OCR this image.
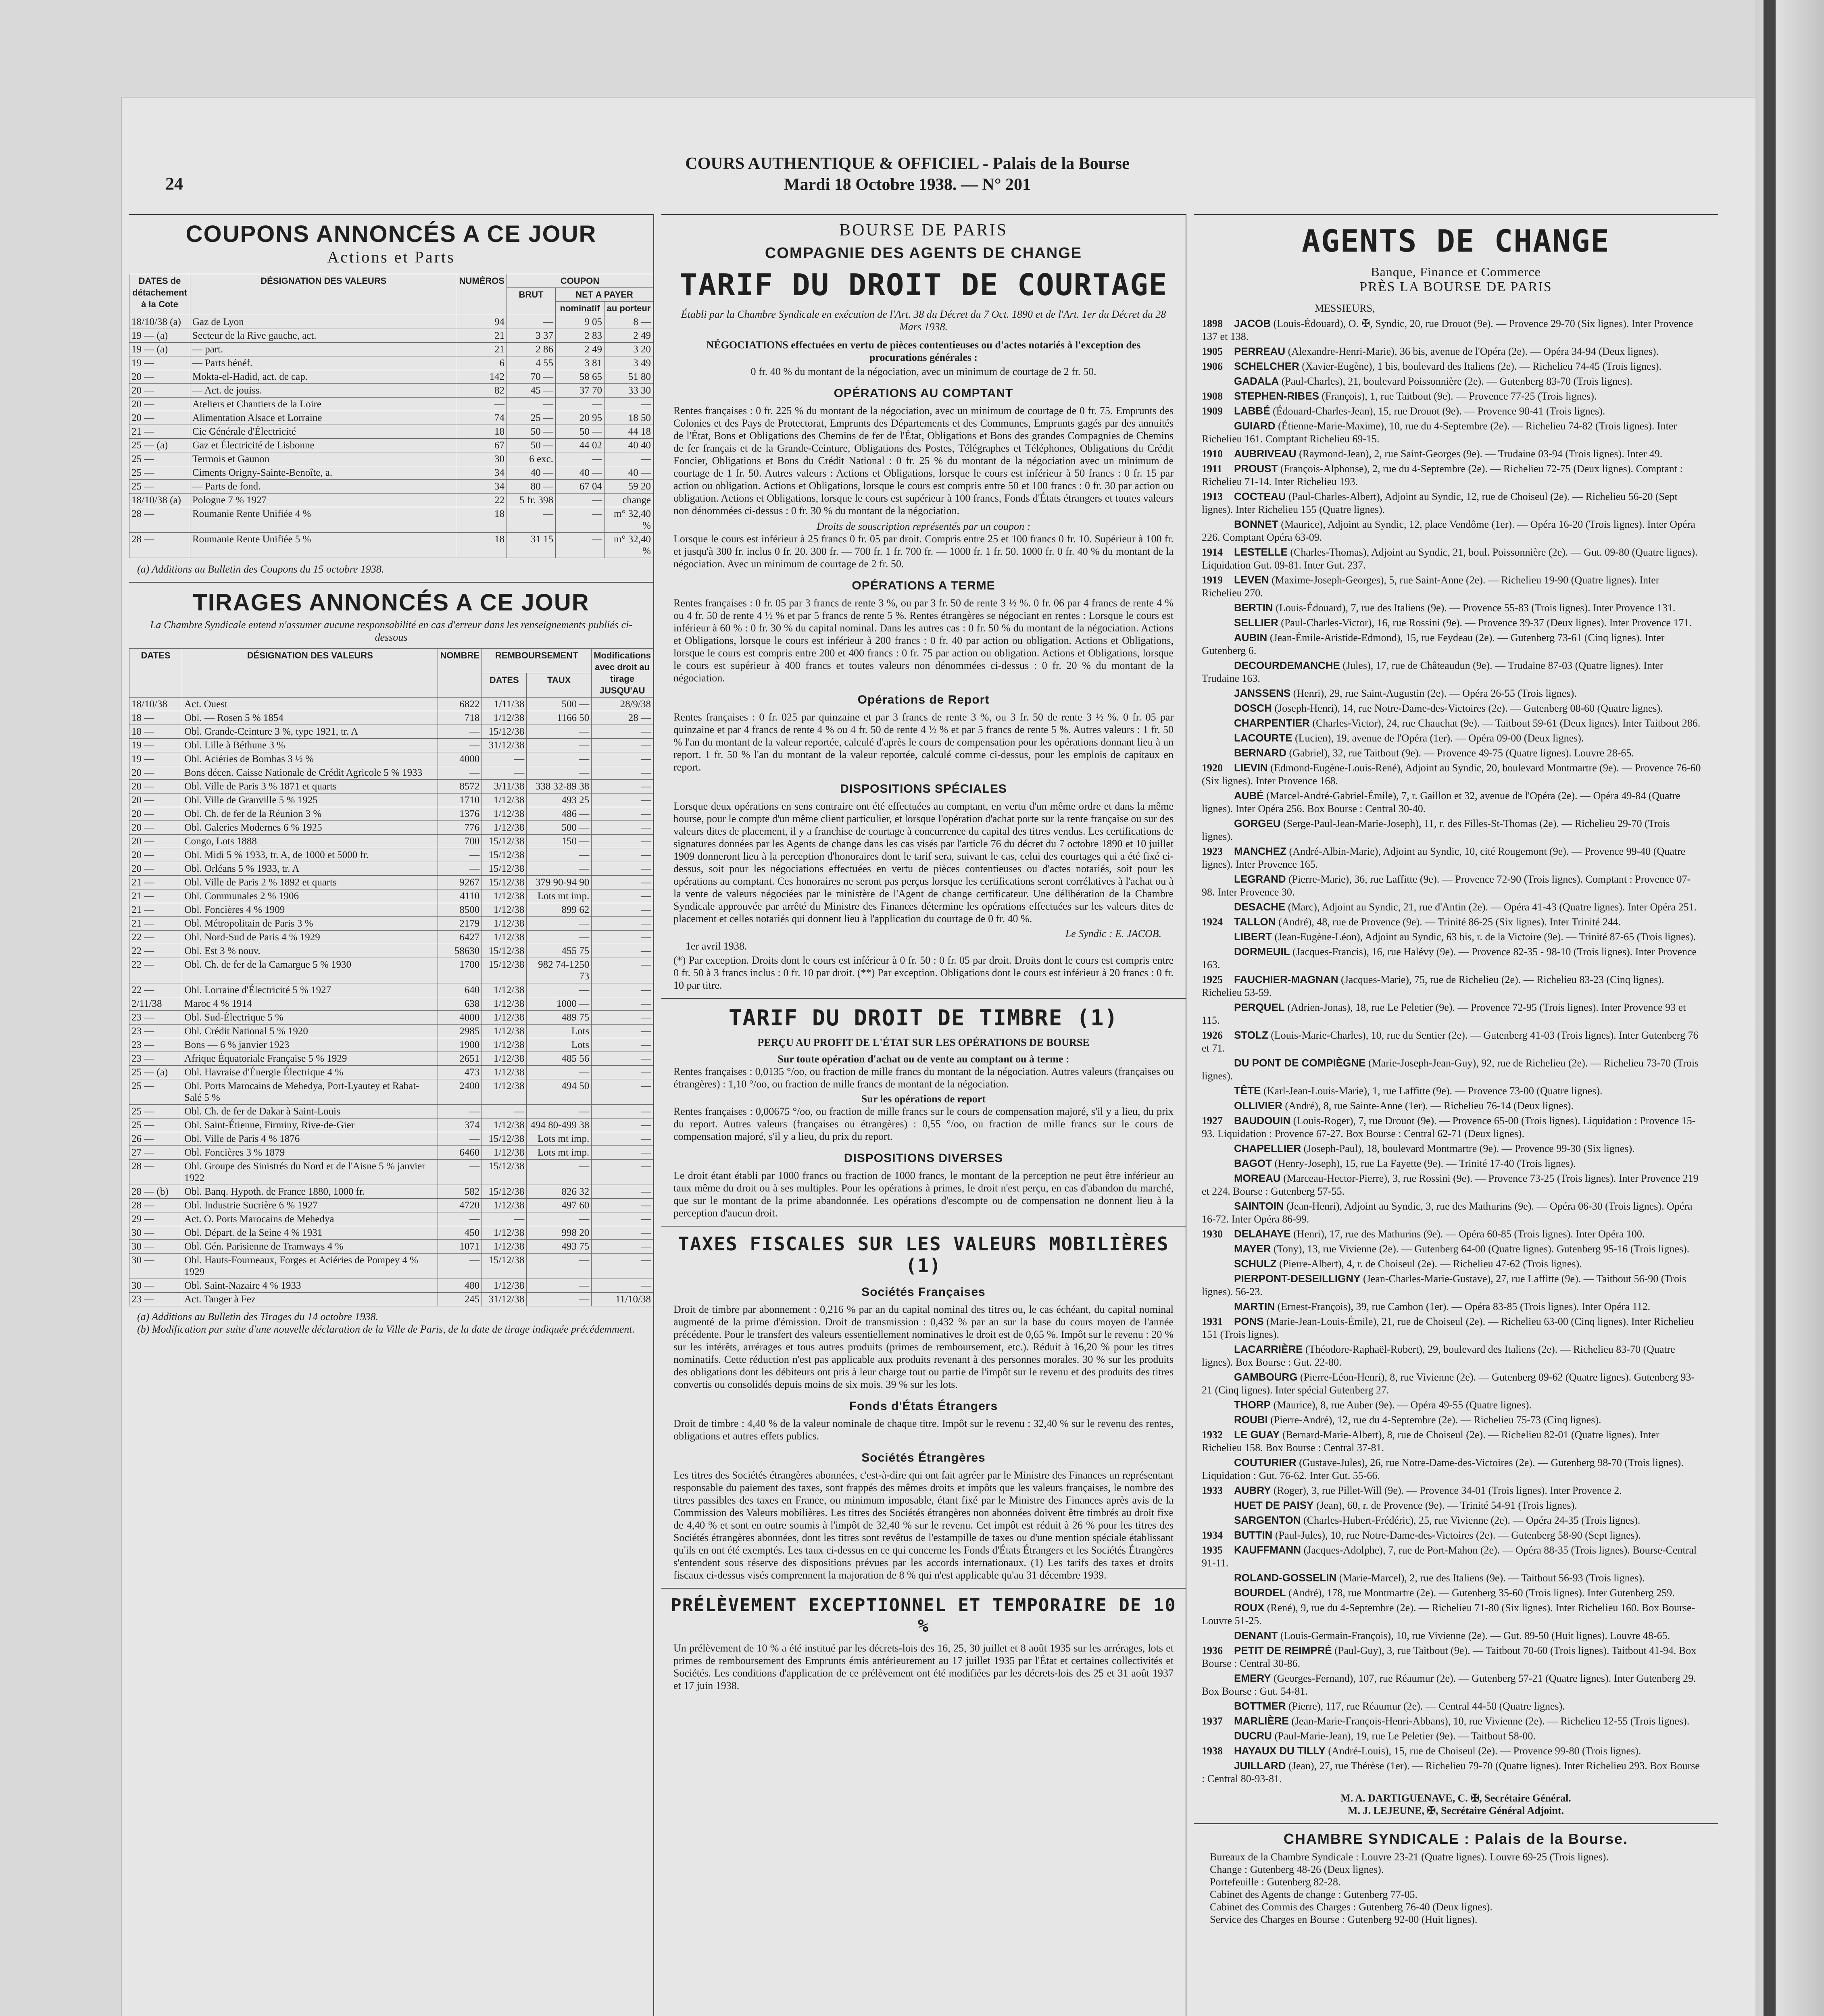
24
COURS AUTHENTIQUE & OFFICIEL - Palais de la Bourse
Mardi 18 Octobre 1938. — N° 201
COUPONS ANNONCÉS A CE JOUR
Actions et Parts
DATES de détachement à la Cote	DÉSIGNATION DES VALEURS	NUMÉROS	COUPON		
			BRUT	NET A PAYER	
				nominatif	au porteur
18/10/38 (a)	Gaz de Lyon	94	—	9 05	8 —
19 — (a)	Secteur de la Rive gauche, act.	21	3 37	2 83	2 49
19 — (a)	— part.	21	2 86	2 49	3 20
19 —	— Parts bénéf.	6	4 55	3 81	3 49
20 —	Mokta-el-Hadid, act. de cap.	142	70 —	58 65	51 80
20 —	— Act. de jouiss.	82	45 —	37 70	33 30
20 —	Ateliers et Chantiers de la Loire	—	—	—	—
20 —	Alimentation Alsace et Lorraine	74	25 —	20 95	18 50
21 —	Cie Générale d'Électricité	18	50 —	50 —	44 18
25 — (a)	Gaz et Électricité de Lisbonne	67	50 —	44 02	40 40
25 —	Termois et Gaunon	30	6 exc.	—	—
25 —	Ciments Origny-Sainte-Benoîte, a.	34	40 —	40 —	40 —
25 —	— Parts de fond.	34	80 —	67 04	59 20
18/10/38 (a)	Pologne 7 % 1927	22	5 fr. 398	—	change
28 —	Roumanie Rente Unifiée 4 %	18	—	—	m° 32,40 %
28 —	Roumanie Rente Unifiée 5 %	18	31 15	—	m° 32,40 %
(a) Additions au Bulletin des Coupons du 15 octobre 1938.
TIRAGES ANNONCÉS A CE JOUR
La Chambre Syndicale entend n'assumer aucune responsabilité en cas d'erreur dans les renseignements publiés ci-dessous
DATES	DÉSIGNATION DES VALEURS	NOMBRE	REMBOURSEMENT		Modifications avec droit au tirage JUSQU'AU
			DATES	TAUX	
18/10/38	Act. Ouest	6822	1/11/38	500 —	28/9/38
18 —	Obl. — Rosen 5 % 1854	718	1/12/38	1166 50	28 —
18 —	Obl. Grande-Ceinture 3 %, type 1921, tr. A	—	15/12/38	—	—
19 —	Obl. Lille à Béthune 3 %	—	31/12/38	—	—
19 —	Obl. Aciéries de Bombas 3 ½ %	4000	—	—	—
20 —	Bons décen. Caisse Nationale de Crédit Agricole 5 % 1933	—	—	—	—
20 —	Obl. Ville de Paris 3 % 1871 et quarts	8572	3/11/38	338 32-89 38	—
20 —	Obl. Ville de Granville 5 % 1925	1710	1/12/38	493 25	—
20 —	Obl. Ch. de fer de la Réunion 3 %	1376	1/12/38	486 —	—
20 —	Obl. Galeries Modernes 6 % 1925	776	1/12/38	500 —	—
20 —	Congo, Lots 1888	700	15/12/38	150 —	—
20 —	Obl. Midi 5 % 1933, tr. A, de 1000 et 5000 fr.	—	15/12/38	—	—
20 —	Obl. Orléans 5 % 1933, tr. A	—	15/12/38	—	—
21 —	Obl. Ville de Paris 2 % 1892 et quarts	9267	15/12/38	379 90-94 90	—
21 —	Obl. Communales 2 % 1906	4110	1/12/38	Lots mt imp.	—
21 —	Obl. Foncières 4 % 1909	8500	1/12/38	899 62	—
21 —	Obl. Métropolitain de Paris 3 %	2179	1/12/38	—	—
22 —	Obl. Nord-Sud de Paris 4 % 1929	6427	1/12/38	—	—
22 —	Obl. Est 3 % nouv.	58630	15/12/38	455 75	—
22 —	Obl. Ch. de fer de la Camargue 5 % 1930	1700	15/12/38	982 74-1250 73	—
22 —	Obl. Lorraine d'Électricité 5 % 1927	640	1/12/38	—	—
2/11/38	Maroc 4 % 1914	638	1/12/38	1000 —	—
23 —	Obl. Sud-Électrique 5 %	4000	1/12/38	489 75	—
23 —	Obl. Crédit National 5 % 1920	2985	1/12/38	Lots	—
23 —	Bons — 6 % janvier 1923	1900	1/12/38	Lots	—
23 —	Afrique Équatoriale Française 5 % 1929	2651	1/12/38	485 56	—
25 — (a)	Obl. Havraise d'Énergie Électrique 4 %	473	1/12/38	—	—
25 —	Obl. Ports Marocains de Mehedya, Port-Lyautey et Rabat-Salé 5 %	2400	1/12/38	494 50	—
25 —	Obl. Ch. de fer de Dakar à Saint-Louis	—	—	—	—
25 —	Obl. Saint-Étienne, Firminy, Rive-de-Gier	374	1/12/38	494 80-499 38	—
26 —	Obl. Ville de Paris 4 % 1876	—	15/12/38	Lots mt imp.	—
27 —	Obl. Foncières 3 % 1879	6460	1/12/38	Lots mt imp.	—
28 —	Obl. Groupe des Sinistrés du Nord et de l'Aisne 5 % janvier 1922	—	15/12/38	—	—
28 — (b)	Obl. Banq. Hypoth. de France 1880, 1000 fr.	582	15/12/38	826 32	—
28 —	Obl. Industrie Sucrière 6 % 1927	4720	1/12/38	497 60	—
29 —	Act. O. Ports Marocains de Mehedya	—	—	—	—
30 —	Obl. Départ. de la Seine 4 % 1931	450	1/12/38	998 20	—
30 —	Obl. Gén. Parisienne de Tramways 4 %	1071	1/12/38	493 75	—
30 —	Obl. Hauts-Fourneaux, Forges et Aciéries de Pompey 4 % 1929	—	15/12/38	—	—
30 —	Obl. Saint-Nazaire 4 % 1933	480	1/12/38	—	—
23 —	Act. Tanger à Fez	245	31/12/38	—	11/10/38
(a) Additions au Bulletin des Tirages du 14 octobre 1938.
(b) Modification par suite d'une nouvelle déclaration de la Ville de Paris, de la date de tirage indiquée précédemment.
BOURSE DE PARIS
COMPAGNIE DES AGENTS DE CHANGE
TARIF DU DROIT DE COURTAGE
Établi par la Chambre Syndicale en exécution de l'Art. 38 du Décret du 7 Oct. 1890 et de l'Art. 1er du Décret du 28 Mars 1938.
NÉGOCIATIONS effectuées en vertu de pièces contentieuses ou d'actes notariés à l'exception des procurations générales :
0 fr. 40 % du montant de la négociation, avec un minimum de courtage de 2 fr. 50.
OPÉRATIONS AU COMPTANT
Rentes françaises : 0 fr. 225 % du montant de la négociation, avec un minimum de courtage de 0 fr. 75. Emprunts des Colonies et des Pays de Protectorat, Emprunts des Départements et des Communes, Emprunts gagés par des annuités de l'État, Bons et Obligations des Chemins de fer de l'État, Obligations et Bons des grandes Compagnies de Chemins de fer français et de la Grande-Ceinture, Obligations des Postes, Télégraphes et Téléphones, Obligations du Crédit Foncier, Obligations et Bons du Crédit National : 0 fr. 25 % du montant de la négociation avec un minimum de courtage de 1 fr. 50. Autres valeurs : Actions et Obligations, lorsque le cours est inférieur à 50 francs : 0 fr. 15 par action ou obligation. Actions et Obligations, lorsque le cours est compris entre 50 et 100 francs : 0 fr. 30 par action ou obligation. Actions et Obligations, lorsque le cours est supérieur à 100 francs, Fonds d'États étrangers et toutes valeurs non dénommées ci-dessus : 0 fr. 30 % du montant de la négociation.
Droits de souscription représentés par un coupon :
Lorsque le cours est inférieur à 25 francs 0 fr. 05 par droit. Compris entre 25 et 100 francs 0 fr. 10. Supérieur à 100 fr. et jusqu'à 300 fr. inclus 0 fr. 20. 300 fr. — 700 fr. 1 fr. 700 fr. — 1000 fr. 1 fr. 50. 1000 fr. 0 fr. 40 % du montant de la négociation. Avec un minimum de courtage de 2 fr. 50.
OPÉRATIONS A TERME
Rentes françaises : 0 fr. 05 par 3 francs de rente 3 %, ou par 3 fr. 50 de rente 3 ½ %. 0 fr. 06 par 4 francs de rente 4 % ou 4 fr. 50 de rente 4 ½ % et par 5 francs de rente 5 %. Rentes étrangères se négociant en rentes : Lorsque le cours est inférieur à 60 % : 0 fr. 30 % du capital nominal. Dans les autres cas : 0 fr. 50 % du montant de la négociation. Actions et Obligations, lorsque le cours est inférieur à 200 francs : 0 fr. 40 par action ou obligation. Actions et Obligations, lorsque le cours est compris entre 200 et 400 francs : 0 fr. 75 par action ou obligation. Actions et Obligations, lorsque le cours est supérieur à 400 francs et toutes valeurs non dénommées ci-dessus : 0 fr. 20 % du montant de la négociation.
Opérations de Report
Rentes françaises : 0 fr. 025 par quinzaine et par 3 francs de rente 3 %, ou 3 fr. 50 de rente 3 ½ %. 0 fr. 05 par quinzaine et par 4 francs de rente 4 % ou 4 fr. 50 de rente 4 ½ % et par 5 francs de rente 5 %. Autres valeurs : 1 fr. 50 % l'an du montant de la valeur reportée, calculé d'après le cours de compensation pour les opérations donnant lieu à un report. 1 fr. 50 % l'an du montant de la valeur reportée, calculé comme ci-dessus, pour les emplois de capitaux en report.
DISPOSITIONS SPÉCIALES
Lorsque deux opérations en sens contraire ont été effectuées au comptant, en vertu d'un même ordre et dans la même bourse, pour le compte d'un même client particulier, et lorsque l'opération d'achat porte sur la rente française ou sur des valeurs dites de placement, il y a franchise de courtage à concurrence du capital des titres vendus. Les certifications de signatures données par les Agents de change dans les cas visés par l'article 76 du décret du 7 octobre 1890 et 10 juillet 1909 donneront lieu à la perception d'honoraires dont le tarif sera, suivant le cas, celui des courtages qui a été fixé ci-dessus, soit pour les négociations effectuées en vertu de pièces contentieuses ou d'actes notariés, soit pour les opérations au comptant. Ces honoraires ne seront pas perçus lorsque les certifications seront corrélatives à l'achat ou à la vente de valeurs négociées par le ministère de l'Agent de change certificateur. Une délibération de la Chambre Syndicale approuvée par arrêté du Ministre des Finances détermine les opérations effectuées sur les valeurs dites de placement et celles notariés qui donnent lieu à l'application du courtage de 0 fr. 40 %.
Le Syndic : E. JACOB.
1er avril 1938.
(*) Par exception. Droits dont le cours est inférieur à 0 fr. 50 : 0 fr. 05 par droit. Droits dont le cours est compris entre 0 fr. 50 à 3 francs inclus : 0 fr. 10 par droit. (**) Par exception. Obligations dont le cours est inférieur à 20 francs : 0 fr. 10 par titre.
TARIF DU DROIT DE TIMBRE (1)
PERÇU AU PROFIT DE L'ÉTAT SUR LES OPÉRATIONS DE BOURSE
Sur toute opération d'achat ou de vente au comptant ou à terme :
Rentes françaises : 0,0135 °/oo, ou fraction de mille francs du montant de la négociation. Autres valeurs (françaises ou étrangères) : 1,10 °/oo, ou fraction de mille francs de montant de la négociation.
Sur les opérations de report
Rentes françaises : 0,00675 °/oo, ou fraction de mille francs sur le cours de compensation majoré, s'il y a lieu, du prix du report. Autres valeurs (françaises ou étrangères) : 0,55 °/oo, ou fraction de mille francs sur le cours de compensation majoré, s'il y a lieu, du prix du report.
DISPOSITIONS DIVERSES
Le droit étant établi par 1000 francs ou fraction de 1000 francs, le montant de la perception ne peut être inférieur au taux même du droit ou à ses multiples. Pour les opérations à primes, le droit n'est perçu, en cas d'abandon du marché, que sur le montant de la prime abandonnée. Les opérations d'escompte ou de compensation ne donnent lieu à la perception d'aucun droit.
TAXES FISCALES SUR LES VALEURS MOBILIÈRES (1)
Sociétés Françaises
Droit de timbre par abonnement : 0,216 % par an du capital nominal des titres ou, le cas échéant, du capital nominal augmenté de la prime d'émission. Droit de transmission : 0,432 % par an sur la base du cours moyen de l'année précédente. Pour le transfert des valeurs essentiellement nominatives le droit est de 0,65 %. Impôt sur le revenu : 20 % sur les intérêts, arrérages et tous autres produits (primes de remboursement, etc.). Réduit à 16,20 % pour les titres nominatifs. Cette réduction n'est pas applicable aux produits revenant à des personnes morales. 30 % sur les produits des obligations dont les débiteurs ont pris à leur charge tout ou partie de l'impôt sur le revenu et des produits des titres convertis ou consolidés depuis moins de six mois. 39 % sur les lots.
Fonds d'États Étrangers
Droit de timbre : 4,40 % de la valeur nominale de chaque titre. Impôt sur le revenu : 32,40 % sur le revenu des rentes, obligations et autres effets publics.
Sociétés Étrangères
Les titres des Sociétés étrangères abonnées, c'est-à-dire qui ont fait agréer par le Ministre des Finances un représentant responsable du paiement des taxes, sont frappés des mêmes droits et impôts que les valeurs françaises, le nombre des titres passibles des taxes en France, ou minimum imposable, étant fixé par le Ministre des Finances après avis de la Commission des Valeurs mobilières. Les titres des Sociétés étrangères non abonnées doivent être timbrés au droit fixe de 4,40 % et sont en outre soumis à l'impôt de 32,40 % sur le revenu. Cet impôt est réduit à 26 % pour les titres des Sociétés étrangères abonnées, dont les titres sont revêtus de l'estampille de taxes ou d'une mention spéciale établissant qu'ils en ont été exemptés. Les taux ci-dessus en ce qui concerne les Fonds d'États Étrangers et les Sociétés Étrangères s'entendent sous réserve des dispositions prévues par les accords internationaux. (1) Les tarifs des taxes et droits fiscaux ci-dessus visés comprennent la majoration de 8 % qui n'est applicable qu'au 31 décembre 1939.
PRÉLÈVEMENT EXCEPTIONNEL ET TEMPORAIRE DE 10 %
Un prélèvement de 10 % a été institué par les décrets-lois des 16, 25, 30 juillet et 8 août 1935 sur les arrérages, lots et primes de remboursement des Emprunts émis antérieurement au 17 juillet 1935 par l'État et certaines collectivités et Sociétés. Les conditions d'application de ce prélèvement ont été modifiées par les décrets-lois des 25 et 31 août 1937 et 17 juin 1938.
AGENTS DE CHANGE
Banque, Finance et Commerce
PRÈS LA BOURSE DE PARIS
MESSIEURS,
1898 JACOB (Louis-Édouard), O. ✠, Syndic, 20, rue Drouot (9e). — Provence 29-70 (Six lignes). Inter Provence 137 et 138.
1905 PERREAU (Alexandre-Henri-Marie), 36 bis, avenue de l'Opéra (2e). — Opéra 34-94 (Deux lignes).
1906 SCHELCHER (Xavier-Eugène), 1 bis, boulevard des Italiens (2e). — Richelieu 74-45 (Trois lignes).
GADALA (Paul-Charles), 21, boulevard Poissonnière (2e). — Gutenberg 83-70 (Trois lignes).
1908 STEPHEN-RIBES (François), 1, rue Taitbout (9e). — Provence 77-25 (Trois lignes).
1909 LABBÉ (Édouard-Charles-Jean), 15, rue Drouot (9e). — Provence 90-41 (Trois lignes).
GUIARD (Étienne-Marie-Maxime), 10, rue du 4-Septembre (2e). — Richelieu 74-82 (Trois lignes). Inter Richelieu 161. Comptant Richelieu 69-15.
1910 AUBRIVEAU (Raymond-Jean), 2, rue Saint-Georges (9e). — Trudaine 03-94 (Trois lignes). Inter 49.
1911 PROUST (François-Alphonse), 2, rue du 4-Septembre (2e). — Richelieu 72-75 (Deux lignes). Comptant : Richelieu 71-14. Inter Richelieu 193.
1913 COCTEAU (Paul-Charles-Albert), Adjoint au Syndic, 12, rue de Choiseul (2e). — Richelieu 56-20 (Sept lignes). Inter Richelieu 155 (Quatre lignes).
BONNET (Maurice), Adjoint au Syndic, 12, place Vendôme (1er). — Opéra 16-20 (Trois lignes). Inter Opéra 226. Comptant Opéra 63-09.
1914 LESTELLE (Charles-Thomas), Adjoint au Syndic, 21, boul. Poissonnière (2e). — Gut. 09-80 (Quatre lignes). Liquidation Gut. 09-81. Inter Gut. 237.
1919 LEVEN (Maxime-Joseph-Georges), 5, rue Saint-Anne (2e). — Richelieu 19-90 (Quatre lignes). Inter Richelieu 270.
BERTIN (Louis-Édouard), 7, rue des Italiens (9e). — Provence 55-83 (Trois lignes). Inter Provence 131.
SELLIER (Paul-Charles-Victor), 16, rue Rossini (9e). — Provence 39-37 (Deux lignes). Inter Provence 171.
AUBIN (Jean-Émile-Aristide-Edmond), 15, rue Feydeau (2e). — Gutenberg 73-61 (Cinq lignes). Inter Gutenberg 6.
DECOURDEMANCHE (Jules), 17, rue de Châteaudun (9e). — Trudaine 87-03 (Quatre lignes). Inter Trudaine 163.
JANSSENS (Henri), 29, rue Saint-Augustin (2e). — Opéra 26-55 (Trois lignes).
DOSCH (Joseph-Henri), 14, rue Notre-Dame-des-Victoires (2e). — Gutenberg 08-60 (Quatre lignes).
CHARPENTIER (Charles-Victor), 24, rue Chauchat (9e). — Taitbout 59-61 (Deux lignes). Inter Taitbout 286.
LACOURTE (Lucien), 19, avenue de l'Opéra (1er). — Opéra 09-00 (Deux lignes).
BERNARD (Gabriel), 32, rue Taitbout (9e). — Provence 49-75 (Quatre lignes). Louvre 28-65.
1920 LIEVIN (Edmond-Eugène-Louis-René), Adjoint au Syndic, 20, boulevard Montmartre (9e). — Provence 76-60 (Six lignes). Inter Provence 168.
AUBÉ (Marcel-André-Gabriel-Émile), 7, r. Gaillon et 32, avenue de l'Opéra (2e). — Opéra 49-84 (Quatre lignes). Inter Opéra 256. Box Bourse : Central 30-40.
GORGEU (Serge-Paul-Jean-Marie-Joseph), 11, r. des Filles-St-Thomas (2e). — Richelieu 29-70 (Trois lignes).
1923 MANCHEZ (André-Albin-Marie), Adjoint au Syndic, 10, cité Rougemont (9e). — Provence 99-40 (Quatre lignes). Inter Provence 165.
LEGRAND (Pierre-Marie), 36, rue Laffitte (9e). — Provence 72-90 (Trois lignes). Comptant : Provence 07-98. Inter Provence 30.
DESACHE (Marc), Adjoint au Syndic, 21, rue d'Antin (2e). — Opéra 41-43 (Quatre lignes). Inter Opéra 251.
1924 TALLON (André), 48, rue de Provence (9e). — Trinité 86-25 (Six lignes). Inter Trinité 244.
LIBERT (Jean-Eugène-Léon), Adjoint au Syndic, 63 bis, r. de la Victoire (9e). — Trinité 87-65 (Trois lignes).
DORMEUIL (Jacques-Francis), 16, rue Halévy (9e). — Provence 82-35 - 98-10 (Trois lignes). Inter Provence 163.
1925 FAUCHIER-MAGNAN (Jacques-Marie), 75, rue de Richelieu (2e). — Richelieu 83-23 (Cinq lignes). Richelieu 53-59.
PERQUEL (Adrien-Jonas), 18, rue Le Peletier (9e). — Provence 72-95 (Trois lignes). Inter Provence 93 et 115.
1926 STOLZ (Louis-Marie-Charles), 10, rue du Sentier (2e). — Gutenberg 41-03 (Trois lignes). Inter Gutenberg 76 et 71.
DU PONT DE COMPIÈGNE (Marie-Joseph-Jean-Guy), 92, rue de Richelieu (2e). — Richelieu 73-70 (Trois lignes).
TÊTE (Karl-Jean-Louis-Marie), 1, rue Laffitte (9e). — Provence 73-00 (Quatre lignes).
OLLIVIER (André), 8, rue Sainte-Anne (1er). — Richelieu 76-14 (Deux lignes).
1927 BAUDOUIN (Louis-Roger), 7, rue Drouot (9e). — Provence 65-00 (Trois lignes). Liquidation : Provence 15-93. Liquidation : Provence 67-27. Box Bourse : Central 62-71 (Deux lignes).
CHAPELLIER (Joseph-Paul), 18, boulevard Montmartre (9e). — Provence 99-30 (Six lignes).
BAGOT (Henry-Joseph), 15, rue La Fayette (9e). — Trinité 17-40 (Trois lignes).
MOREAU (Marceau-Hector-Pierre), 3, rue Rossini (9e). — Provence 73-25 (Trois lignes). Inter Provence 219 et 224. Bourse : Gutenberg 57-55.
SAINTOIN (Jean-Henri), Adjoint au Syndic, 3, rue des Mathurins (9e). — Opéra 06-30 (Trois lignes). Opéra 16-72. Inter Opéra 86-99.
1930 DELAHAYE (Henri), 17, rue des Mathurins (9e). — Opéra 60-85 (Trois lignes). Inter Opéra 100.
MAYER (Tony), 13, rue Vivienne (2e). — Gutenberg 64-00 (Quatre lignes). Gutenberg 95-16 (Trois lignes).
SCHULZ (Pierre-Albert), 4, r. de Choiseul (2e). — Richelieu 47-62 (Trois lignes).
PIERPONT-DESEILLIGNY (Jean-Charles-Marie-Gustave), 27, rue Laffitte (9e). — Taitbout 56-90 (Trois lignes). 56-23.
MARTIN (Ernest-François), 39, rue Cambon (1er). — Opéra 83-85 (Trois lignes). Inter Opéra 112.
1931 PONS (Marie-Jean-Louis-Émile), 21, rue de Choiseul (2e). — Richelieu 63-00 (Cinq lignes). Inter Richelieu 151 (Trois lignes).
LACARRIÈRE (Théodore-Raphaël-Robert), 29, boulevard des Italiens (2e). — Richelieu 83-70 (Quatre lignes). Box Bourse : Gut. 22-80.
GAMBOURG (Pierre-Léon-Henri), 8, rue Vivienne (2e). — Gutenberg 09-62 (Quatre lignes). Gutenberg 93-21 (Cinq lignes). Inter spécial Gutenberg 27.
THORP (Maurice), 8, rue Auber (9e). — Opéra 49-55 (Quatre lignes).
ROUBI (Pierre-André), 12, rue du 4-Septembre (2e). — Richelieu 75-73 (Cinq lignes).
1932 LE GUAY (Bernard-Marie-Albert), 8, rue de Choiseul (2e). — Richelieu 82-01 (Quatre lignes). Inter Richelieu 158. Box Bourse : Central 37-81.
COUTURIER (Gustave-Jules), 26, rue Notre-Dame-des-Victoires (2e). — Gutenberg 98-70 (Trois lignes). Liquidation : Gut. 76-62. Inter Gut. 55-66.
1933 AUBRY (Roger), 3, rue Pillet-Will (9e). — Provence 34-01 (Trois lignes). Inter Provence 2.
HUET DE PAISY (Jean), 60, r. de Provence (9e). — Trinité 54-91 (Trois lignes).
SARGENTON (Charles-Hubert-Frédéric), 25, rue Vivienne (2e). — Opéra 24-35 (Trois lignes).
1934 BUTTIN (Paul-Jules), 10, rue Notre-Dame-des-Victoires (2e). — Gutenberg 58-90 (Sept lignes).
1935 KAUFFMANN (Jacques-Adolphe), 7, rue de Port-Mahon (2e). — Opéra 88-35 (Trois lignes). Bourse-Central 91-11.
ROLAND-GOSSELIN (Marie-Marcel), 2, rue des Italiens (9e). — Taitbout 56-93 (Trois lignes).
BOURDEL (André), 178, rue Montmartre (2e). — Gutenberg 35-60 (Trois lignes). Inter Gutenberg 259.
ROUX (René), 9, rue du 4-Septembre (2e). — Richelieu 71-80 (Six lignes). Inter Richelieu 160. Box Bourse-Louvre 51-25.
DENANT (Louis-Germain-François), 10, rue Vivienne (2e). — Gut. 89-50 (Huit lignes). Louvre 48-65.
1936 PETIT DE REIMPRÉ (Paul-Guy), 3, rue Taitbout (9e). — Taitbout 70-60 (Trois lignes). Taitbout 41-94. Box Bourse : Central 30-86.
EMERY (Georges-Fernand), 107, rue Réaumur (2e). — Gutenberg 57-21 (Quatre lignes). Inter Gutenberg 29. Box Bourse : Gut. 54-81.
BOTTMER (Pierre), 117, rue Réaumur (2e). — Central 44-50 (Quatre lignes).
1937 MARLIÈRE (Jean-Marie-François-Henri-Abbans), 10, rue Vivienne (2e). — Richelieu 12-55 (Trois lignes).
DUCRU (Paul-Marie-Jean), 19, rue Le Peletier (9e). — Taitbout 58-00.
1938 HAYAUX DU TILLY (André-Louis), 15, rue de Choiseul (2e). — Provence 99-80 (Trois lignes).
JUILLARD (Jean), 27, rue Thérèse (1er). — Richelieu 79-70 (Quatre lignes). Inter Richelieu 293. Box Bourse : Central 80-93-81.
M. A. DARTIGUENAVE, C. ✠, Secrétaire Général.
M. J. LEJEUNE, ✠, Secrétaire Général Adjoint.
CHAMBRE SYNDICALE : Palais de la Bourse.
Bureaux de la Chambre Syndicale : Louvre 23-21 (Quatre lignes). Louvre 69-25 (Trois lignes).
Change : Gutenberg 48-26 (Deux lignes).
Portefeuille : Gutenberg 82-28.
Cabinet des Agents de change : Gutenberg 77-05.
Cabinet des Commis des Charges : Gutenberg 76-40 (Deux lignes).
Service des Charges en Bourse : Gutenberg 92-00 (Huit lignes).
